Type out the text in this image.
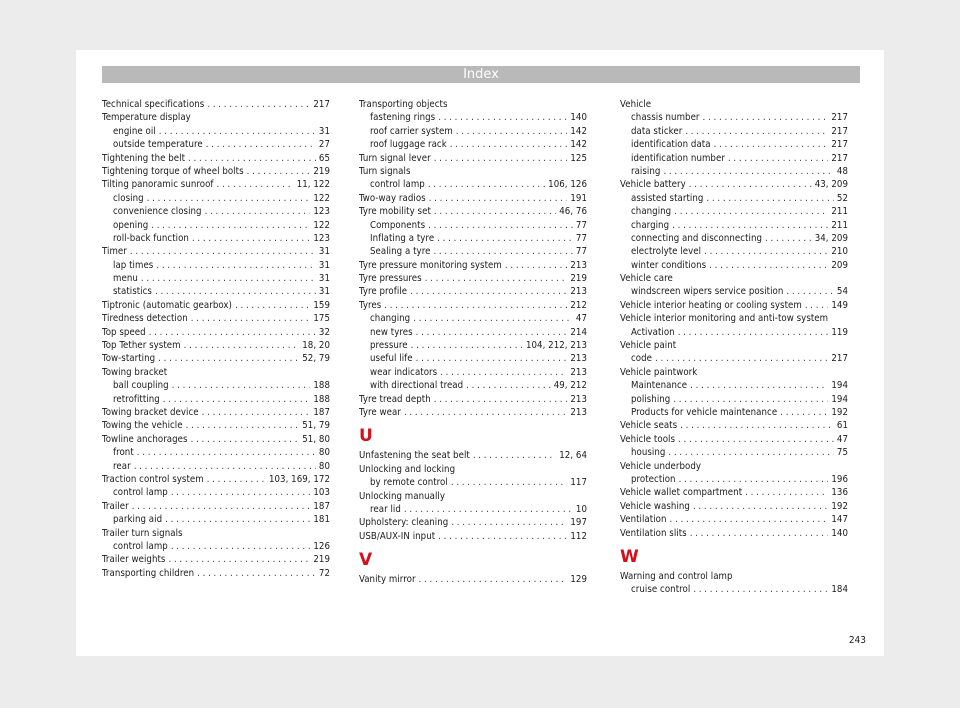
Index
Technical specifications . . .	217
Temperature display
engine oil . . .	31
outside temperature . . .	27
Tightening the belt . . .	65
Tightening torque of wheel bolts . . .	219
Tilting panoramic sunroof . . .	11, 122
closing . . .	122
convenience closing . . .	123
opening . . .	122
roll-back function . . .	123
Timer . . .	31
lap times . . .	31
menu . . .	31
statistics . . .	31
Tiptronic (automatic gearbox) . . .	159
Tiredness detection . . .	175
Top speed . . .	32
Top Tether system . . .	18, 20
Tow-starting . . .	52, 79
Towing bracket
ball coupling . . .	188
retrofitting . . .	188
Towing bracket device . . .	187
Towing the vehicle . . .	51, 79
Towline anchorages . . .	51, 80
front . . .	80
rear . . .	80
Traction control system . . .	103, 169, 172
control lamp . . .	103
Trailer . . .	187
parking aid . . .	181
Trailer turn signals
control lamp . . .	126
Trailer weights . . .	219
Transporting children . . .	72
Transporting objects
fastening rings . . .	140
roof carrier system . . .	142
roof luggage rack . . .	142
Turn signal lever . . .	125
Turn signals
control lamp . . .	106, 126
Two-way radios . . .	191
Tyre mobility set . . .	46, 76
Components . . .	77
Inflating a tyre . . .	77
Sealing a tyre . . .	77
Tyre pressure monitoring system . . .	213
Tyre pressures . . .	219
Tyre profile . . .	213
Tyres . . .	212
changing . . .	47
new tyres . . .	214
pressure . . .	104, 212, 213
useful life . . .	213
wear indicators . . .	213
with directional tread . . .	49, 212
Tyre tread depth . . .	213
Tyre wear . . .	213
U
Unfastening the seat belt . . .	12, 64
Unlocking and locking
by remote control . . .	117
Unlocking manually
rear lid . . .	10
Upholstery: cleaning . . .	197
USB/AUX-IN input . . .	112
V
Vanity mirror . . .	129
Vehicle
chassis number . . .	217
data sticker . . .	217
identification data . . .	217
identification number . . .	217
raising . . .	48
Vehicle battery . . .	43, 209
assisted starting . . .	52
changing . . .	211
charging . . .	211
connecting and disconnecting . . .	34, 209
electrolyte level . . .	210
winter conditions . . .	209
Vehicle care
windscreen wipers service position . . .	54
Vehicle interior heating or cooling system . . .	149
Vehicle interior monitoring and anti-tow system
Activation . . .	119
Vehicle paint
code . . .	217
Vehicle paintwork
Maintenance . . .	194
polishing . . .	194
Products for vehicle maintenance . . .	192
Vehicle seats . . .	61
Vehicle tools . . .	47
housing . . .	75
Vehicle underbody
protection . . .	196
Vehicle wallet compartment . . .	136
Vehicle washing . . .	192
Ventilation . . .	147
Ventilation slits . . .	140
W
Warning and control lamp
cruise control . . .	184
243
